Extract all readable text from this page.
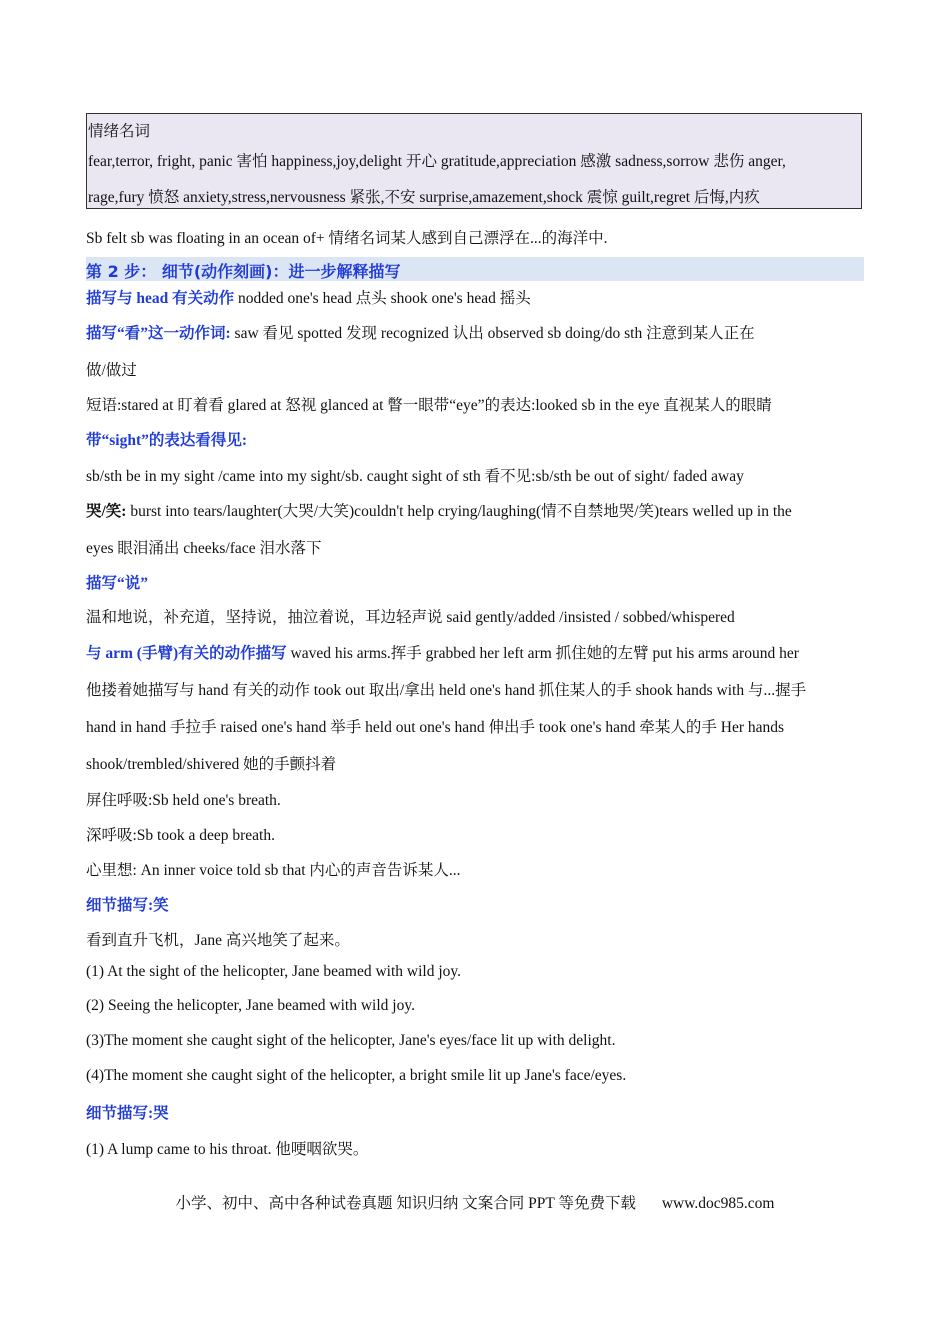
情绪名词
fear,terror, fright, panic 害怕 happiness,joy,delight 开心 gratitude,appreciation 感激 sadness,sorrow 悲伤 anger,
rage,fury 愤怒 anxiety,stress,nervousness 紧张,不安 surprise,amazement,shock 震惊 guilt,regret 后悔,内疚
Sb felt sb was floating in an ocean of+ 情绪名词某人感到自己漂浮在...的海洋中.
第 2 步： 细节(动作刻画)：进一步解释描写
描写与 head 有关动作 nodded one's head 点头 shook one's head 摇头
描写“看”这一动作词: saw 看见 spotted 发现 recognized 认出 observed sb doing/do sth 注意到某人正在
做/做过
短语:stared at 盯着看 glared at 怒视 glanced at 瞥一眼带“eye”的表达:looked sb in the eye 直视某人的眼睛
带“sight”的表达看得见:
sb/sth be in my sight /came into my sight/sb. caught sight of sth 看不见:sb/sth be out of sight/ faded away
哭/笑: burst into tears/laughter(大哭/大笑)couldn't help crying/laughing(情不自禁地哭/笑)tears welled up in the
eyes 眼泪涌出 cheeks/face 泪水落下
描写“说”
温和地说，补充道，坚持说，抽泣着说，耳边轻声说 said gently/added /insisted / sobbed/whispered
与 arm (手臂)有关的动作描写 waved his arms.挥手 grabbed her left arm 抓住她的左臂 put his arms around her
他搂着她描写与 hand 有关的动作 took out 取出/拿出 held one's hand 抓住某人的手 shook hands with 与...握手
hand in hand 手拉手 raised one's hand 举手 held out one's hand 伸出手 took one's hand 牵某人的手 Her hands
shook/trembled/shivered 她的手颤抖着
屏住呼吸:Sb held one's breath.
深呼吸:Sb took a deep breath.
心里想: An inner voice told sb that 内心的声音告诉某人...
细节描写:笑
看到直升飞机，Jane 高兴地笑了起来。
(1) At the sight of the helicopter, Jane beamed with wild joy.
(2) Seeing the helicopter, Jane beamed with wild joy.
(3)The moment she caught sight of the helicopter, Jane's eyes/face lit up with delight.
(4)The moment she caught sight of the helicopter, a bright smile lit up Jane's face/eyes.
细节描写:哭
(1) A lump came to his throat. 他哽咽欲哭。
小学、初中、高中各种试卷真题 知识归纳 文案合同 PPT 等免费下载 www.doc985.com
